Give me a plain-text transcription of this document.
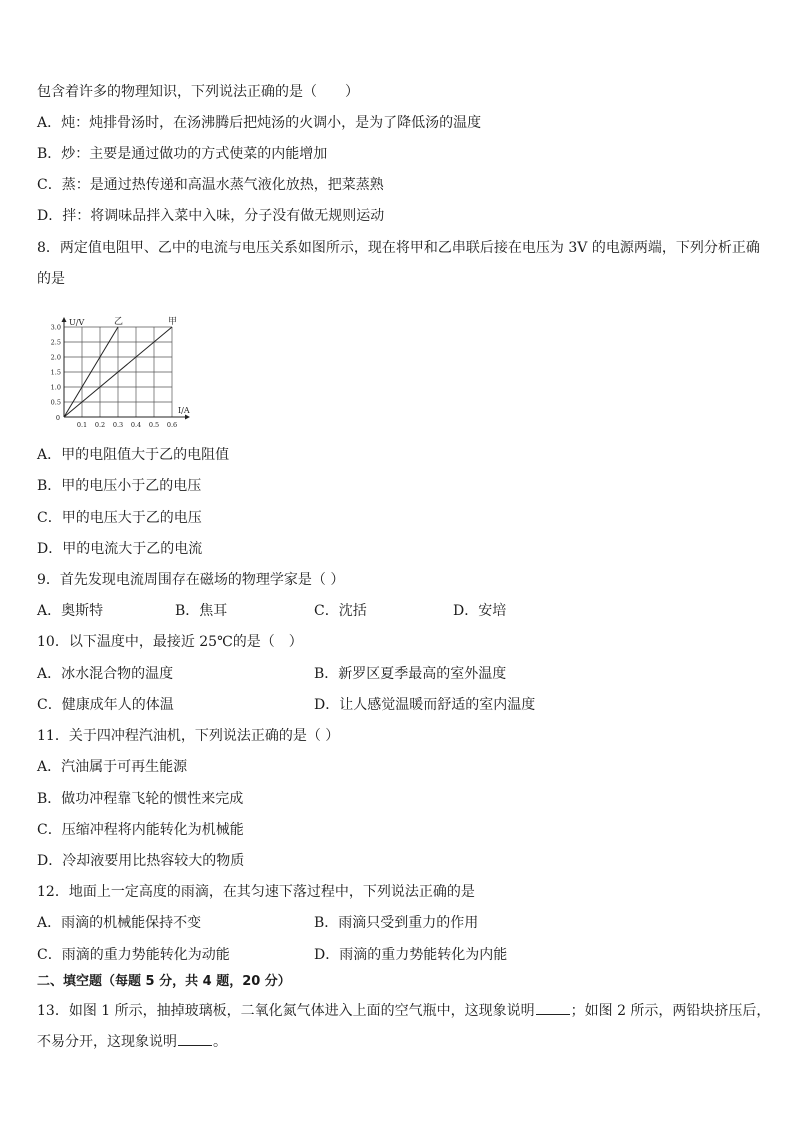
包含着许多的物理知识，下列说法正确的是（　　）
A．炖：炖排骨汤时，在汤沸腾后把炖汤的火调小，是为了降低汤的温度
B．炒：主要是通过做功的方式使菜的内能增加
C．蒸：是通过热传递和高温水蒸气液化放热，把菜蒸熟
D．拌：将调味品拌入菜中入味，分子没有做无规则运动
8．两定值电阻甲、乙中的电流与电压关系如图所示，现在将甲和乙串联后接在电压为 3V 的电源两端，下列分析正确
的是
乙	甲
0.1 0.2 0.3 0.4 0.5 0.6
0.5
1.0
1.5
2.0
2.5
3.0
0
I/A
U/V
A．甲的电阻值大于乙的电阻值
B．甲的电压小于乙的电压
C．甲的电压大于乙的电压
D．甲的电流大于乙的电流
9．首先发现电流周围存在磁场的物理学家是（ ）
A．奥斯特	B．焦耳	C．沈括	D．安培
10．以下温度中，最接近 25℃的是（　）
A．冰水混合物的温度	B．新罗区夏季最高的室外温度
C．健康成年人的体温	D．让人感觉温暖而舒适的室内温度
11．关于四冲程汽油机，下列说法正确的是（ ）
A．汽油属于可再生能源
B．做功冲程靠飞轮的惯性来完成
C．压缩冲程将内能转化为机械能
D．冷却液要用比热容较大的物质
12．地面上一定高度的雨滴，在其匀速下落过程中，下列说法正确的是
A．雨滴的机械能保持不变	B．雨滴只受到重力的作用
C．雨滴的重力势能转化为动能	D．雨滴的重力势能转化为内能
二、填空题（每题 5 分，共 4 题，20 分）
13．如图 1 所示，抽掉玻璃板，二氧化氮气体进入上面的空气瓶中，这现象说明	；如图 2 所示，两铅块挤压后，
不易分开，这现象说明	。
